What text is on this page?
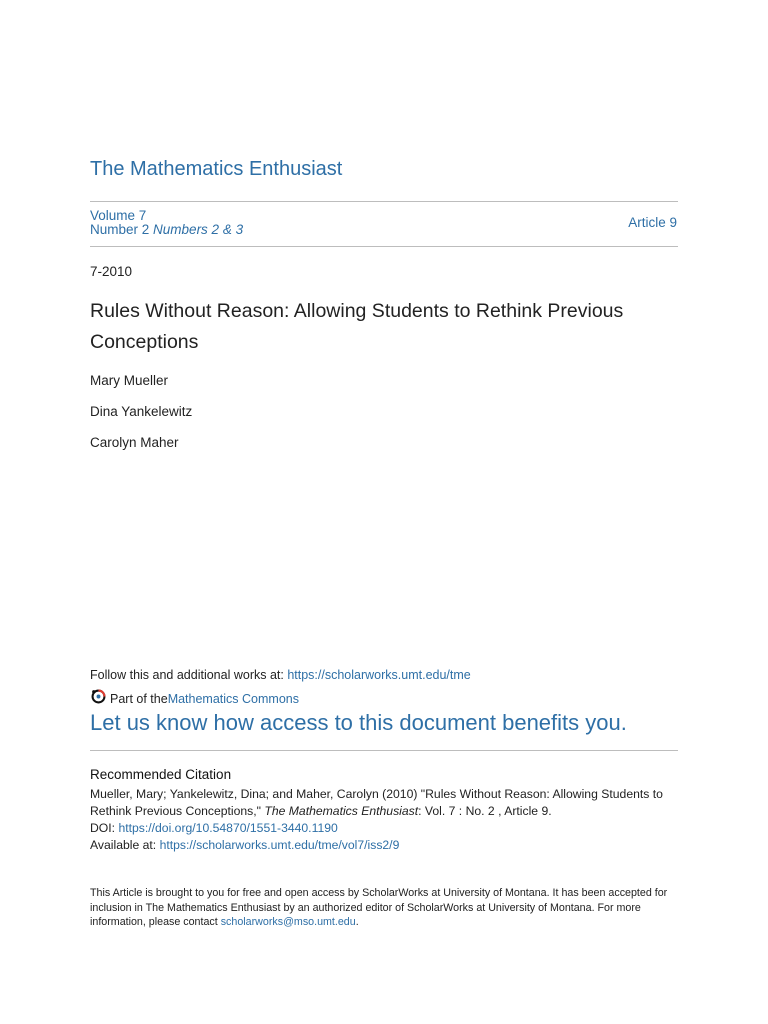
The Mathematics Enthusiast
Volume 7
Number 2 Numbers 2 & 3	Article 9
7-2010
Rules Without Reason: Allowing Students to Rethink Previous Conceptions
Mary Mueller
Dina Yankelewitz
Carolyn Maher
Follow this and additional works at: https://scholarworks.umt.edu/tme
Part of the Mathematics Commons
Let us know how access to this document benefits you.
Recommended Citation
Mueller, Mary; Yankelewitz, Dina; and Maher, Carolyn (2010) "Rules Without Reason: Allowing Students to Rethink Previous Conceptions," The Mathematics Enthusiast: Vol. 7 : No. 2 , Article 9.
DOI: https://doi.org/10.54870/1551-3440.1190
Available at: https://scholarworks.umt.edu/tme/vol7/iss2/9
This Article is brought to you for free and open access by ScholarWorks at University of Montana. It has been accepted for inclusion in The Mathematics Enthusiast by an authorized editor of ScholarWorks at University of Montana. For more information, please contact scholarworks@mso.umt.edu.
